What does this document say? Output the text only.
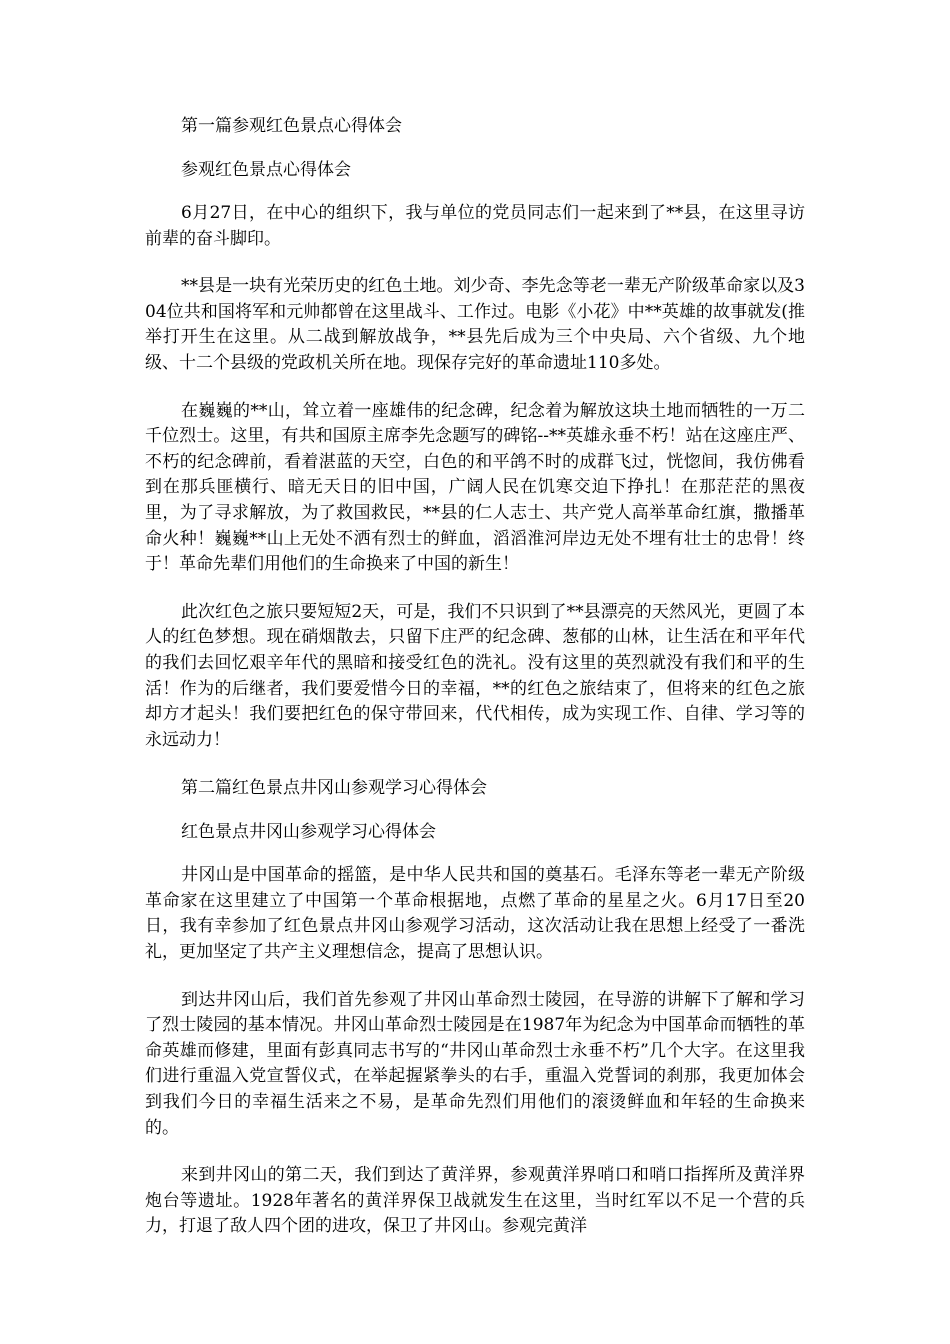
第一篇参观红色景点心得体会
参观红色景点心得体会

6月27日，在中心的组织下，我与单位的党员同志们一起来到了**县，在这里寻访前辈的奋斗脚印。

**县是一块有光荣历史的红色土地。刘少奇、李先念等老一辈无产阶级革命家以及304位共和国将军和元帅都曾在这里战斗、工作过。电影《小花》中**英雄的故事就发(推举打开生在这里。从二战到解放战争，**县先后成为三个中央局、六个省级、九个地级、十二个县级的党政机关所在地。现保存完好的革命遗址110多处。

在巍巍的**山，耸立着一座雄伟的纪念碑，纪念着为解放这块土地而牺牲的一万二千位烈士。这里，有共和国原主席李先念题写的碑铭--**英雄永垂不朽！站在这座庄严、不朽的纪念碑前，看着湛蓝的天空，白色的和平鸽不时的成群飞过，恍惚间，我仿佛看到在那兵匪横行、暗无天日的旧中国，广阔人民在饥寒交迫下挣扎！在那茫茫的黑夜里，为了寻求解放，为了救国救民，**县的仁人志士、共产党人高举革命红旗，撒播革命火种！巍巍**山上无处不洒有烈士的鲜血，滔滔淮河岸边无处不埋有壮士的忠骨！终于！革命先辈们用他们的生命换来了中国的新生！

此次红色之旅只要短短2天，可是，我们不只识到了**县漂亮的天然风光，更圆了本人的红色梦想。现在硝烟散去，只留下庄严的纪念碑、葱郁的山林，让生活在和平年代的我们去回忆艰辛年代的黑暗和接受红色的洗礼。没有这里的英烈就没有我们和平的生活！作为的后继者，我们要爱惜今日的幸福，**的红色之旅结束了，但将来的红色之旅却方才起头！我们要把红色的保守带回来，代代相传，成为实现工作、自律、学习等的永远动力！

第二篇红色景点井冈山参观学习心得体会
红色景点井冈山参观学习心得体会

井冈山是中国革命的摇篮，是中华人民共和国的奠基石。毛泽东等老一辈无产阶级革命家在这里建立了中国第一个革命根据地，点燃了革命的星星之火。6月17日至20日，我有幸参加了红色景点井冈山参观学习活动，这次活动让我在思想上经受了一番洗礼，更加坚定了共产主义理想信念，提高了思想认识。

到达井冈山后，我们首先参观了井冈山革命烈士陵园，在导游的讲解下了解和学习了烈士陵园的基本情况。井冈山革命烈士陵园是在1987年为纪念为中国革命而牺牲的革命英雄而修建，里面有彭真同志书写的“井冈山革命烈士永垂不朽”几个大字。在这里我们进行重温入党宣誓仪式，在举起握紧拳头的右手，重温入党誓词的刹那，我更加体会到我们今日的幸福生活来之不易，是革命先烈们用他们的滚烫鲜血和年轻的生命换来的。

来到井冈山的第二天，我们到达了黄洋界，参观黄洋界哨口和哨口指挥所及黄洋界炮台等遗址。1928年著名的黄洋界保卫战就发生在这里，当时红军以不足一个营的兵力，打退了敌人四个团的进攻，保卫了井冈山。参观完黄洋
